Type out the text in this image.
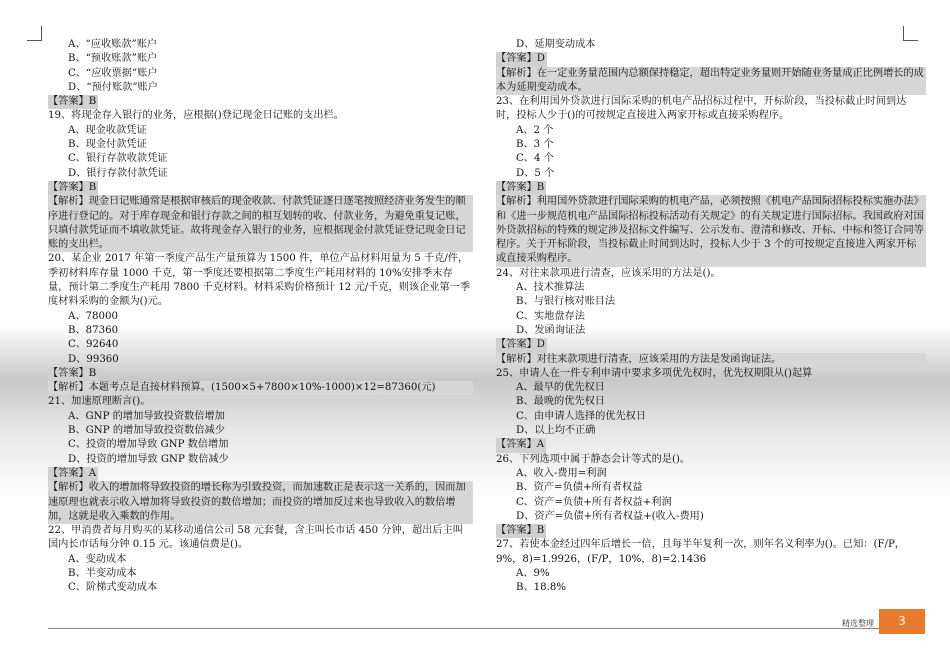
A、“应收账款”账户
B、“预收账款”账户
C、“应收票据”账户
D、“预付账款”账户
【答案】B
19、将现金存入银行的业务，应根据()登记现金日记账的支出栏。
A、现金收款凭证
B、现金付款凭证
C、银行存款收款凭证
D、银行存款付款凭证
【答案】B
【解析】现金日记账通常是根据审核后的现金收款、付款凭证逐日逐笔按照经济业务发生的顺序进行登记的。对于库存现金和银行存款之间的相互划转的收、付款业务，为避免重复记账，只填付款凭证而不填收款凭证。故将现金存入银行的业务，应根据现金付款凭证登记现金日记账的支出栏。
20、某企业 2017 年第一季度产品生产量预算为 1500 件，单位产品材料用量为 5 千克/件，季初材料库存量 1000 千克，第一季度还要根据第二季度生产耗用材料的 10%安排季末存量，预计第二季度生产耗用 7800 千克材料。材料采购价格预计 12 元/千克，则该企业第一季度材料采购的金额为()元。
A、78000
B、87360
C、92640
D、99360
【答案】B
【解析】本题考点是直接材料预算。(1500×5+7800×10%-1000)×12=87360(元)
21、加速原理断言()。
A、GNP 的增加导致投资数倍增加
B、GNP 的增加导致投资数倍减少
C、投资的增加导致 GNP 数倍增加
D、投资的增加导致 GNP 数倍减少
【答案】A
【解析】收入的增加将导致投资的增长称为引致投资，而加速数正是表示这一关系的，因而加速原理也就表示收入增加将导致投资的数倍增加；而投资的增加反过来也导致收入的数倍增加，这就是收入乘数的作用。
22、甲消费者每月购买的某移动通信公司 58 元套餐，含主叫长市话 450 分钟，超出后主叫国内长市话每分钟 0.15 元。该通信费是()。
A、变动成本
B、半变动成本
C、阶梯式变动成本
D、延期变动成本
【答案】D
【解析】在一定业务量范围内总额保持稳定，超出特定业务量则开始随业务量成正比例增长的成本为延期变动成本。
23、在利用国外贷款进行国际采购的机电产品招标过程中，开标阶段，当投标截止时间到达时，投标人少于()的可按规定直接进入两家开标或直接采购程序。
A、2 个
B、3 个
C、4 个
D、5 个
【答案】B
【解析】利用国外贷款进行国际采购的机电产品，必须按照《机电产品国际招标投标实施办法》和《进一步规范机电产品国际招标投标活动有关规定》的有关规定进行国际招标。我国政府对国外贷款招标的特殊的规定涉及招标文件编写、公示发布、澄清和修改、开标、中标和签订合同等程序。关于开标阶段，当投标截止时间到达时，投标人少于 3 个的可按规定直接进入两家开标或直接采购程序。
24、对往来款项进行清查，应该采用的方法是()。
A、技术推算法
B、与银行核对账目法
C、实地盘存法
D、发函询证法
【答案】D
【解析】对往来款项进行清查，应该采用的方法是发函询证法。
25、申请人在一件专利申请中要求多项优先权时，优先权期限从()起算
A、最早的优先权日
B、最晚的优先权日
C、由申请人选择的优先权日
D、以上均不正确
【答案】A
26、下列选项中属于静态会计等式的是()。
A、收入-费用=利润
B、资产=负债+所有者权益
C、资产=负债+所有者权益+利润
D、资产=负债+所有者权益+(收入-费用)
【答案】B
27、若使本金经过四年后增长一倍，且每半年复利一次，则年名义利率为()。已知：(F/P，9%，8)=1.9926，(F/P，10%，8)=2.1436
A、9%
B、18.8%
精选整理	3
